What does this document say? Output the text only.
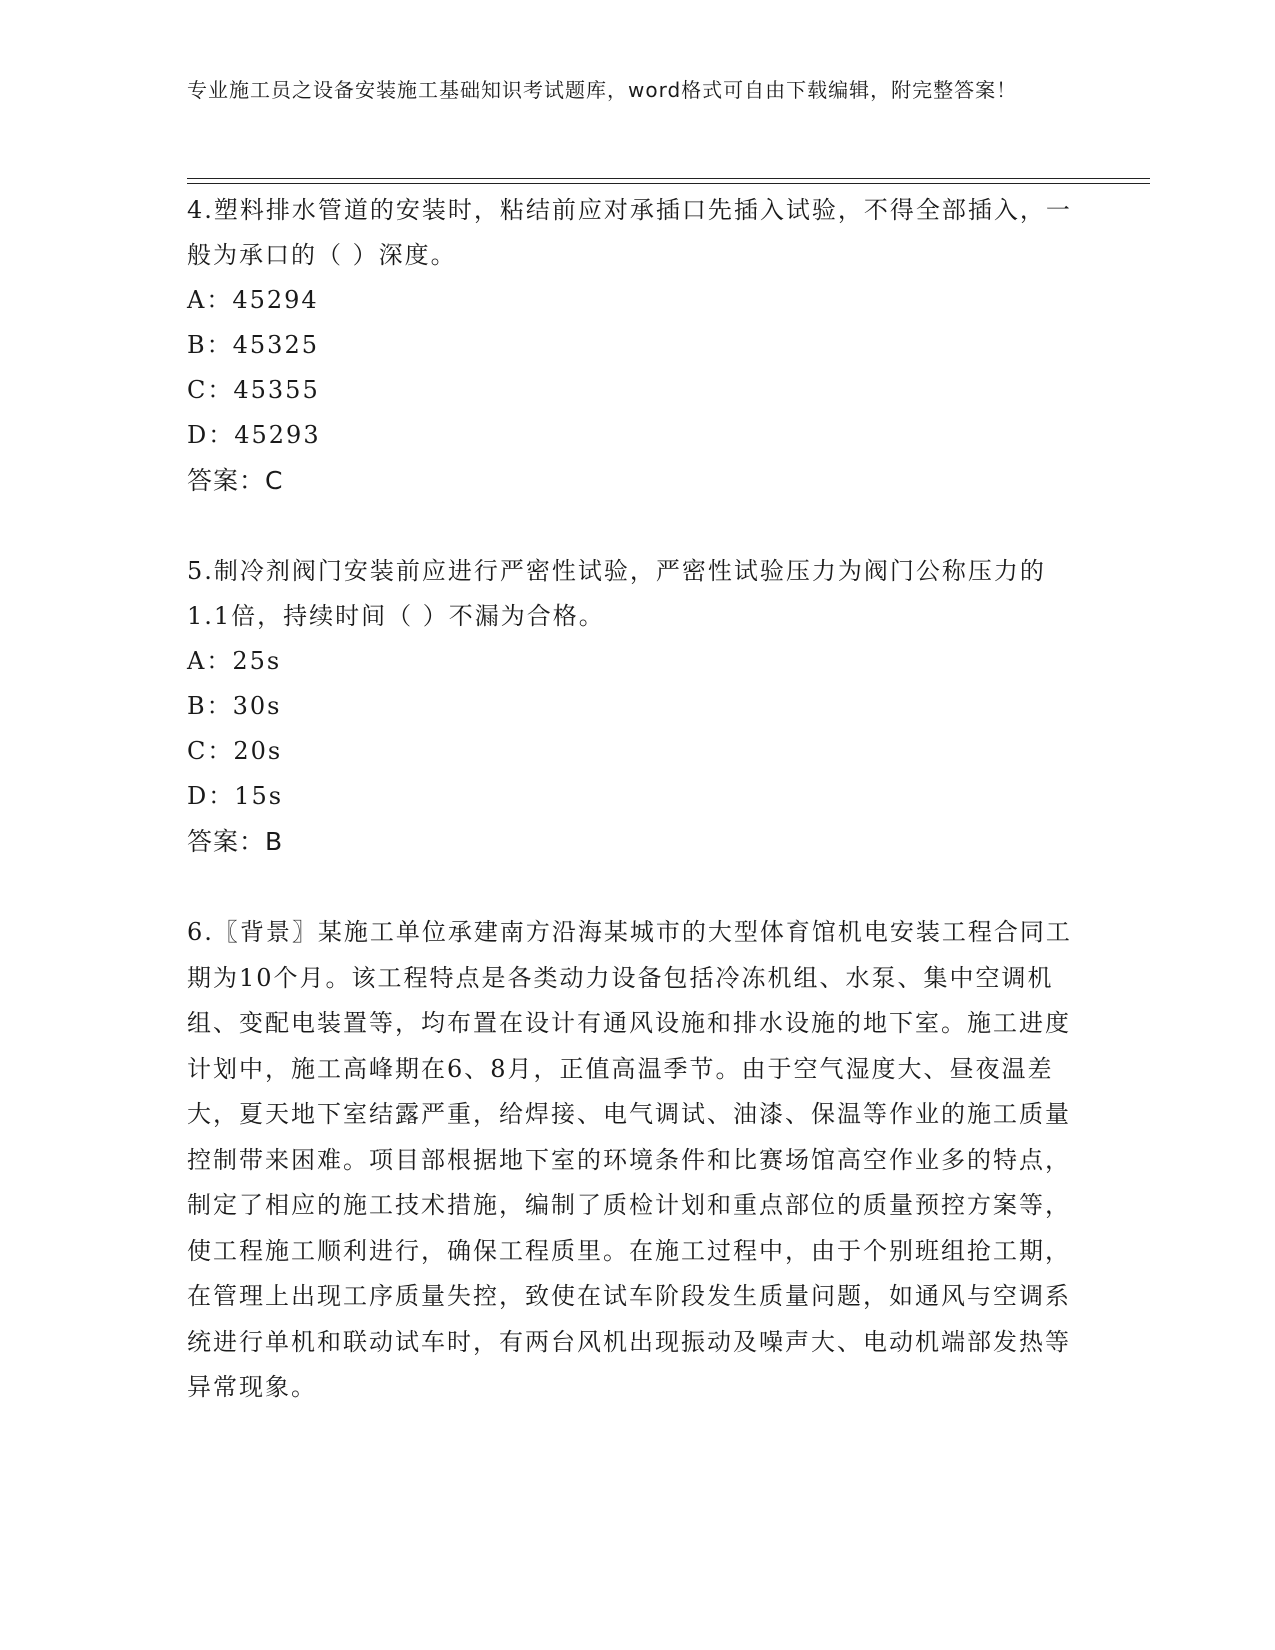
专业施工员之设备安装施工基础知识考试题库，word格式可自由下载编辑，附完整答案！

4.塑料排水管道的安装时，粘结前应对承插口先插入试验，不得全部插入，一般为承口的（ ）深度。

A：45294

B：45325

C：45355

D：45293

答案：C

5.制冷剂阀门安装前应进行严密性试验，严密性试验压力为阀门公称压力的1.1倍，持续时间（ ）不漏为合格。

A：25s

B：30s

C：20s

D：15s

答案：B

6.〖背景〗某施工单位承建南方沿海某城市的大型体育馆机电安装工程合同工期为10个月。该工程特点是各类动力设备包括冷冻机组、水泵、集中空调机组、变配电装置等，均布置在设计有通风设施和排水设施的地下室。施工进度计划中，施工高峰期在6、8月，正值高温季节。由于空气湿度大、昼夜温差大，夏天地下室结露严重，给焊接、电气调试、油漆、保温等作业的施工质量控制带来困难。项目部根据地下室的环境条件和比赛场馆高空作业多的特点，制定了相应的施工技术措施，编制了质检计划和重点部位的质量预控方案等，使工程施工顺利进行，确保工程质里。在施工过程中，由于个别班组抢工期，在管理上出现工序质量失控，致使在试车阶段发生质量问题，如通风与空调系统进行单机和联动试车时，有两台风机出现振动及噪声大、电动机端部发热等异常现象。
